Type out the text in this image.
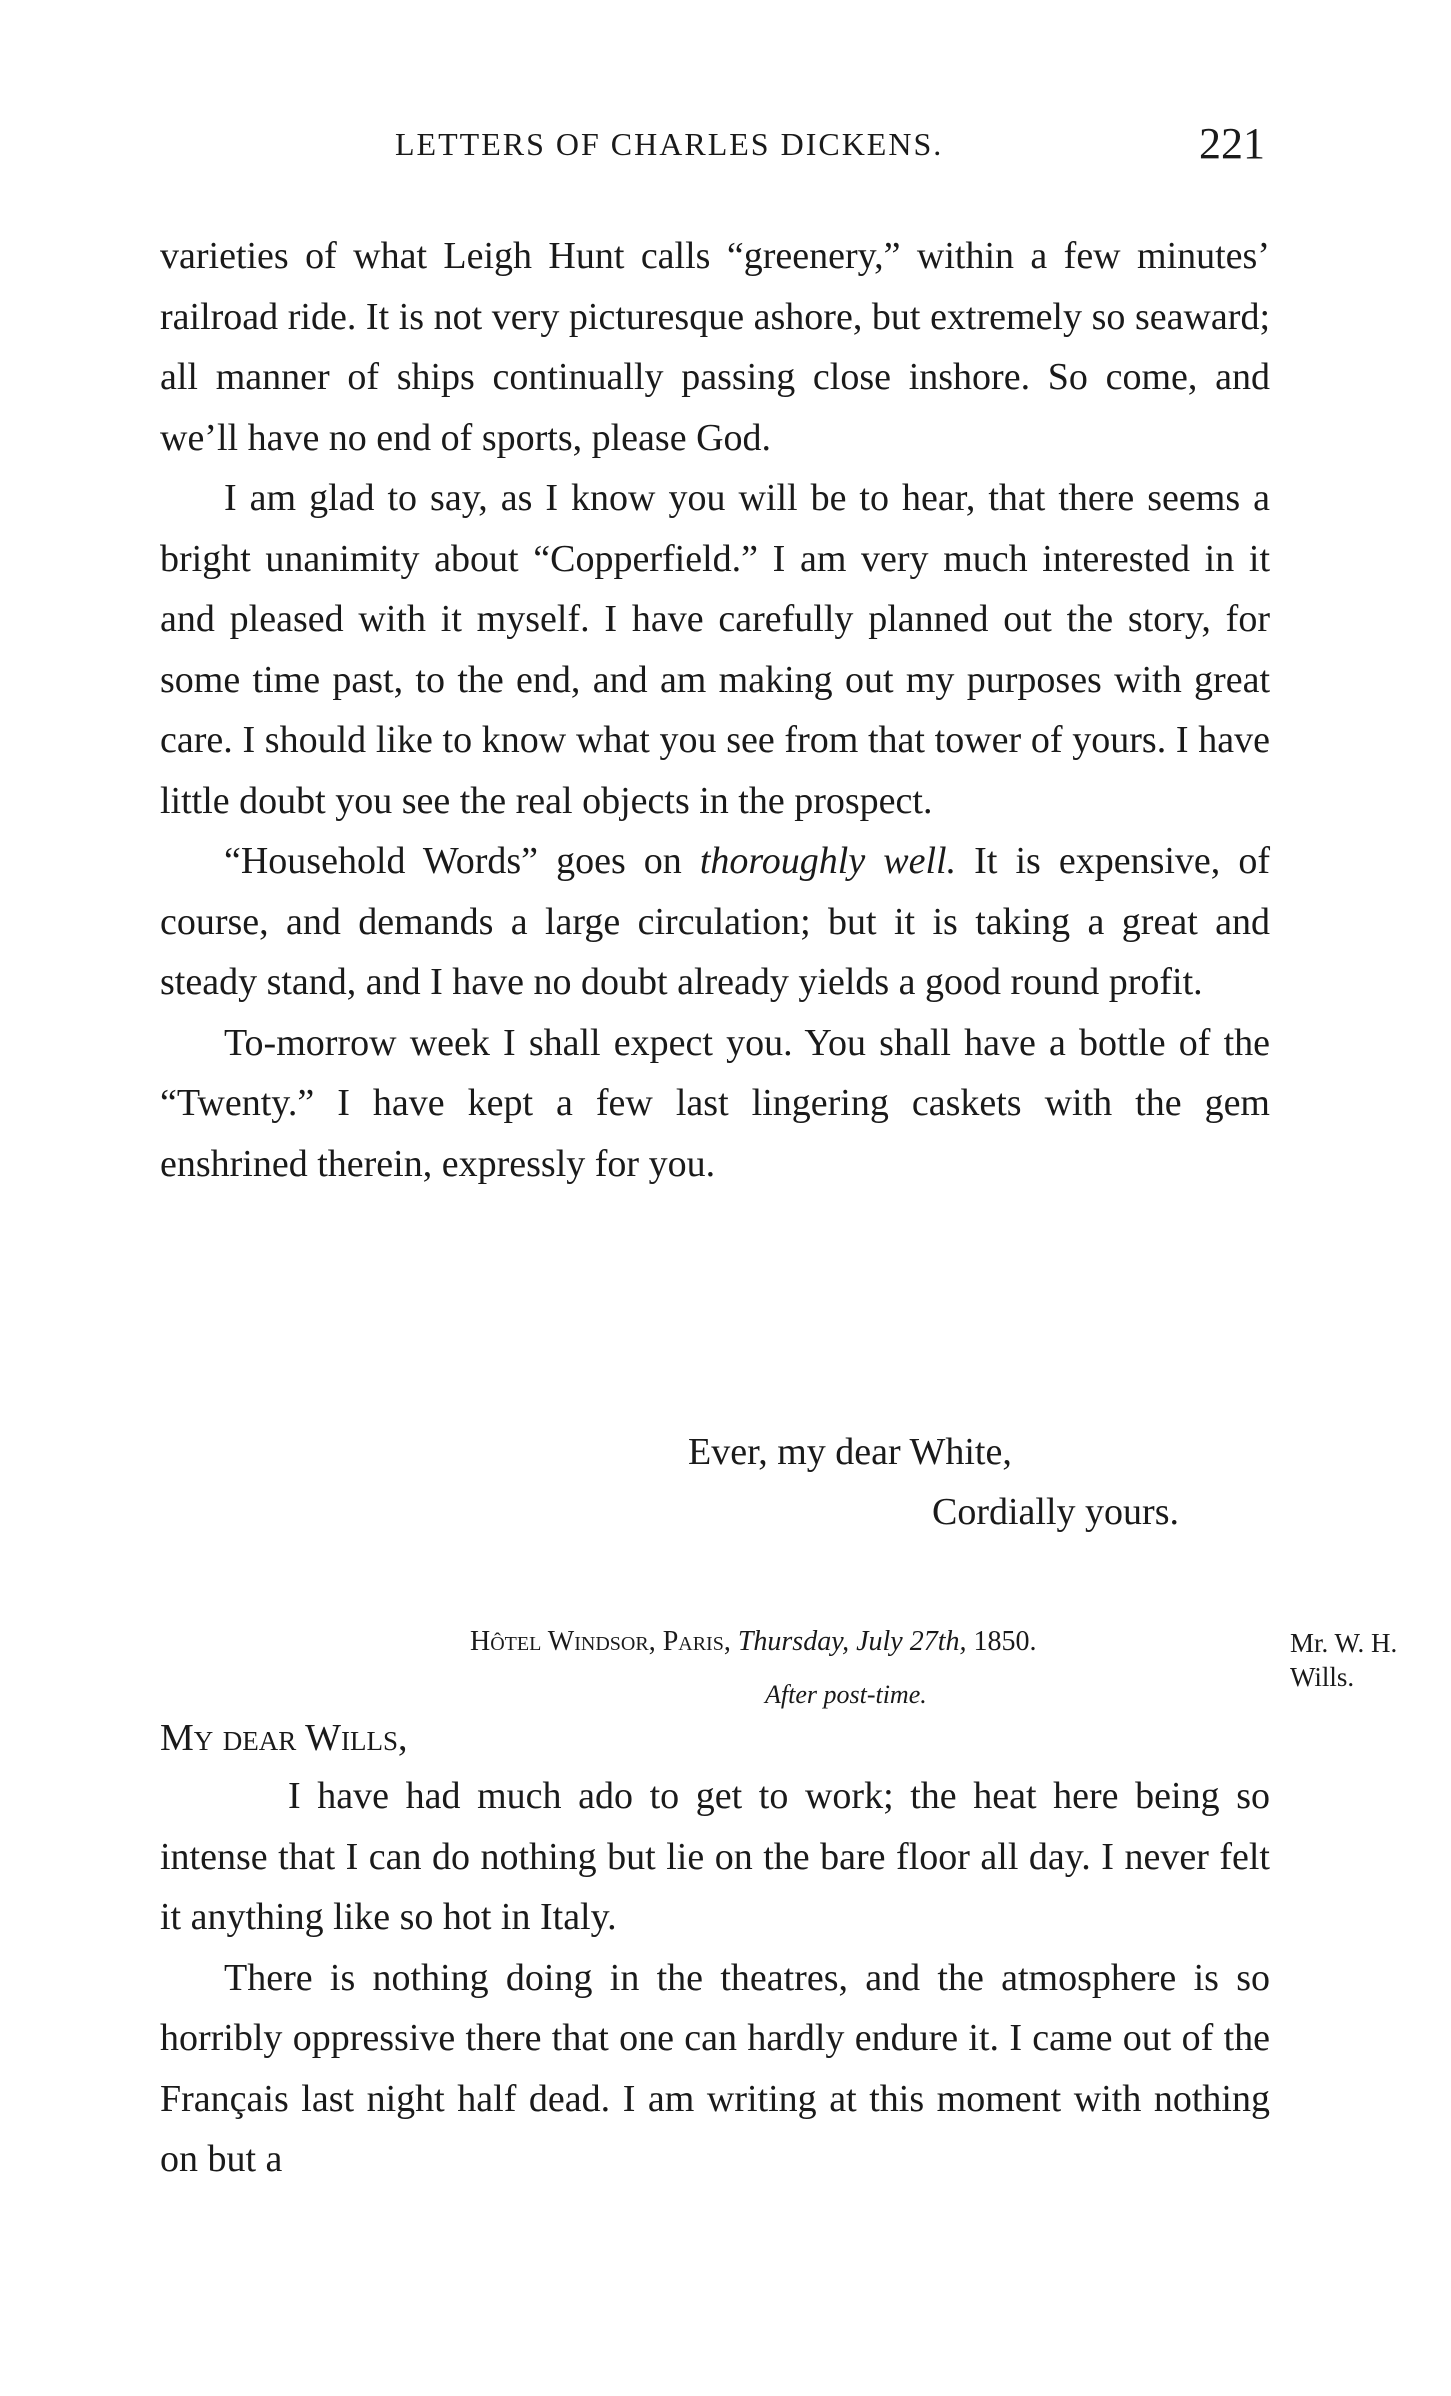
LETTERS OF CHARLES DICKENS.	221

varieties of what Leigh Hunt calls “greenery,” within a few minutes’ railroad ride. It is not very picturesque ashore, but extremely so seaward; all manner of ships continually passing close inshore. So come, and we’ll have no end of sports, please God.

I am glad to say, as I know you will be to hear, that there seems a bright unanimity about “Copperfield.” I am very much interested in it and pleased with it myself. I have carefully planned out the story, for some time past, to the end, and am making out my purposes with great care. I should like to know what you see from that tower of yours. I have little doubt you see the real objects in the prospect.

“Household Words” goes on thoroughly well. It is expensive, of course, and demands a large circulation; but it is taking a great and steady stand, and I have no doubt already yields a good round profit.

To-morrow week I shall expect you. You shall have a bottle of the “Twenty.” I have kept a few last lingering caskets with the gem enshrined therein, expressly for you.

Ever, my dear White,
Cordially yours.
Hôtel Windsor, Paris, Thursday, July 27th, 1850.
After post-time.
Mr. W. H.
Wills.
My dear Wills,

I have had much ado to get to work; the heat here being so intense that I can do nothing but lie on the bare floor all day. I never felt it anything like so hot in Italy.

There is nothing doing in the theatres, and the atmosphere is so horribly oppressive there that one can hardly endure it. I came out of the Français last night half dead. I am writing at this moment with nothing on but a
